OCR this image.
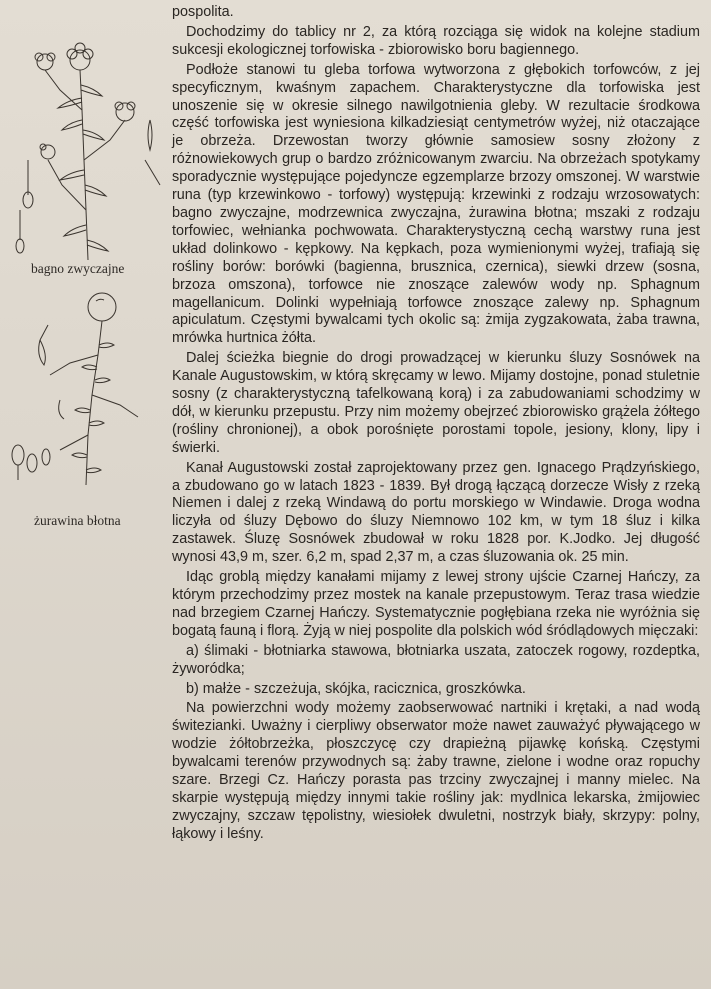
bagno zwyczajne
żurawina błotna

pospolita.

Dochodzimy do tablicy nr 2, za którą rozciąga się widok na kolejne stadium sukcesji ekologicznej torfowiska - zbiorowisko boru bagiennego.

Podłoże stanowi tu gleba torfowa wytworzona z głębokich torfowców, z jej specyficznym, kwaśnym zapachem. Charakterystyczne dla torfowiska jest unoszenie się w okresie silnego nawilgotnienia gleby. W rezultacie środkowa część torfowiska jest wyniesiona kilkadziesiąt centymetrów wyżej, niż otaczające je obrzeża. Drzewostan tworzy głównie samosiew sosny złożony z różnowiekowych grup o bardzo zróżnicowanym zwarciu. Na obrzeżach spotykamy sporadycznie występujące pojedyncze egzemplarze brzozy omszonej. W warstwie runa (typ krzewinkowo - torfowy) występują: krzewinki z rodzaju wrzosowatych: bagno zwyczajne, modrzewnica zwyczajna, żurawina błotna; mszaki z rodzaju torfowiec, wełnianka pochwowata. Charakterystyczną cechą warstwy runa jest układ dolinkowo - kępkowy. Na kępkach, poza wymienionymi wyżej, trafiają się rośliny borów: borówki (bagienna, brusznica, czernica), siewki drzew (sosna, brzoza omszona), torfowce nie znoszące zalewów wody np. Sphagnum magellanicum. Dolinki wypełniają torfowce znoszące zalewy np. Sphagnum apiculatum. Częstymi bywalcami tych okolic są: żmija zygzakowata, żaba trawna, mrówka hurtnica żółta.

Dalej ścieżka biegnie do drogi prowadzącej w kierunku śluzy Sosnówek na Kanale Augustowskim, w którą skręcamy w lewo. Mijamy dostojne, ponad stuletnie sosny (z charakterystyczną tafelkowaną korą) i za zabudowaniami schodzimy w dół, w kierunku przepustu. Przy nim możemy obejrzeć zbiorowisko grążela żółtego (rośliny chronionej), a obok porośnięte porostami topole, jesiony, klony, lipy i świerki.

Kanał Augustowski został zaprojektowany przez gen. Ignacego Prądzyńskiego, a zbudowano go w latach 1823 - 1839. Był drogą łączącą dorzecze Wisły z rzeką Niemen i dalej z rzeką Windawą do portu morskiego w Windawie. Droga wodna liczyła od śluzy Dębowo do śluzy Niemnowo 102 km, w tym 18 śluz i kilka zastawek. Śluzę Sosnówek zbudował w roku 1828 por. K.Jodko. Jej długość wynosi 43,9 m, szer. 6,2 m, spad 2,37 m, a czas śluzowania ok. 25 min.

Idąc groblą między kanałami mijamy z lewej strony ujście Czarnej Hańczy, za którym przechodzimy przez mostek na kanale przepustowym. Teraz trasa wiedzie nad brzegiem Czarnej Hańczy. Systematycznie pogłębiana rzeka nie wyróżnia się bogatą fauną i florą. Żyją w niej pospolite dla polskich wód śródlądowych mięczaki:

a) ślimaki - błotniarka stawowa, błotniarka uszata, zatoczek rogowy, rozdeptka, żyworódka;

b) małże - szczeżuja, skójka, racicznica, groszkówka.

Na powierzchni wody możemy zaobserwować nartniki i krętaki, a nad wodą świtezianki. Uważny i cierpliwy obserwator może nawet zauważyć pływającego w wodzie żółtobrzeżka, płoszczycę czy drapieżną pijawkę końską. Częstymi bywalcami terenów przywodnych są: żaby trawne, zielone i wodne oraz ropuchy szare. Brzegi Cz. Hańczy porasta pas trzciny zwyczajnej i manny mielec. Na skarpie występują między innymi takie rośliny jak: mydlnica lekarska, żmijowiec zwyczajny, szczaw tępolistny, wiesiołek dwuletni, nostrzyk biały, skrzypy: polny, łąkowy i leśny.
